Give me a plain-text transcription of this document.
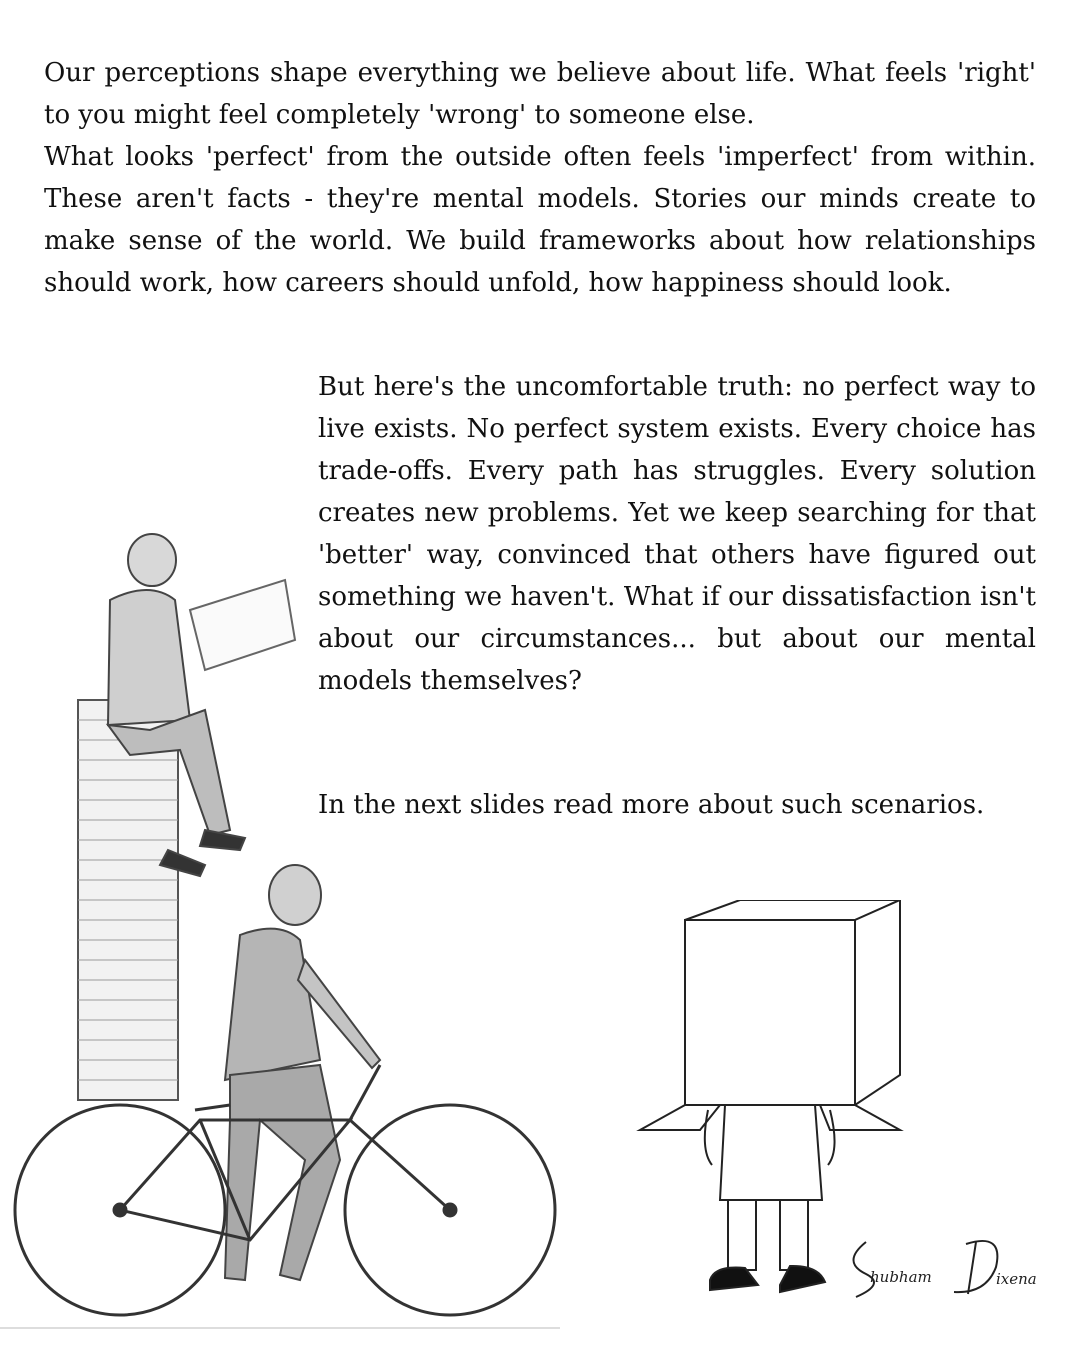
Our perceptions shape everything we believe about life. What feels 'right' to you might feel completely 'wrong' to someone else.

What looks 'perfect' from the outside often feels 'imperfect' from within. These aren't facts - they're mental models. Stories our minds create to make sense of the world. We build frameworks about how relationships should work, how careers should unfold, how happiness should look.

But here's the uncomfortable truth: no perfect way to live exists. No perfect system exists. Every choice has trade-offs. Every path has struggles. Every solution creates new problems. Yet we keep searching for that 'better' way, convinced that others have figured out something we haven't. What if our dissatisfaction isn't about our circumstances... but about our mental models themselves?

In the next slides read more about such scenarios.

hubham	ixena
